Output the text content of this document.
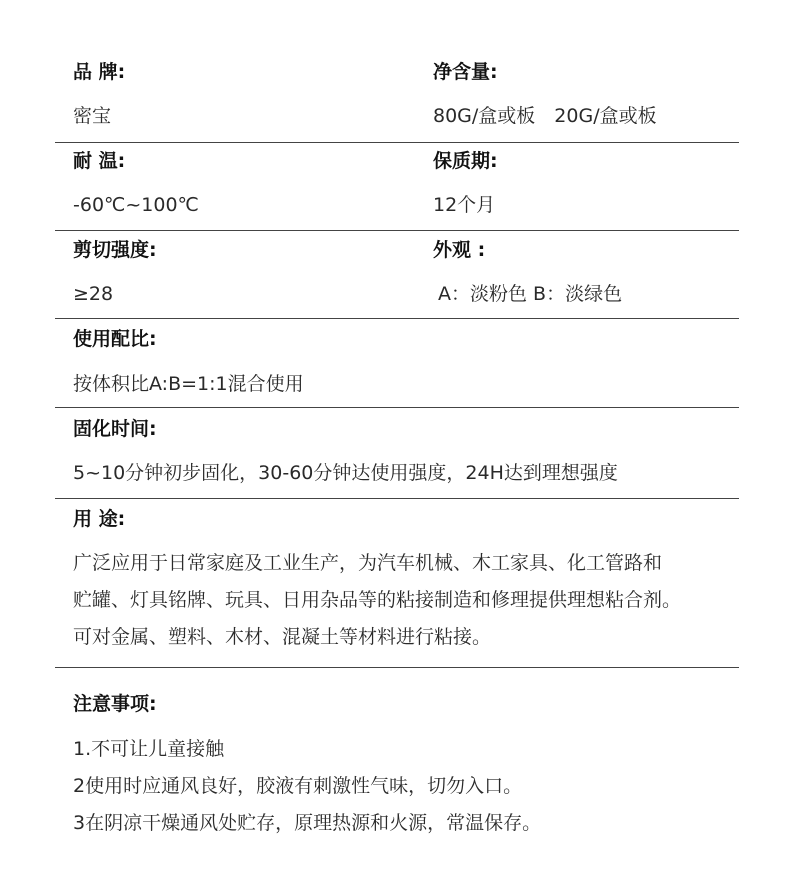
品 牌:
密宝
净含量:
80G/盒或板　20G/盒或板
耐 温:
-60℃~100℃
保质期:
12个月
剪切强度:
≥28
外观 :
A：淡粉色 B：淡绿色
使用配比:
按体积比A:B=1:1混合使用
固化时间:
5~10分钟初步固化，30-60分钟达使用强度，24H达到理想强度
用 途:
广泛应用于日常家庭及工业生产，为汽车机械、木工家具、化工管路和
贮罐、灯具铭牌、玩具、日用杂品等的粘接制造和修理提供理想粘合剂。
可对金属、塑料、木材、混凝土等材料进行粘接。
注意事项:
1.不可让儿童接触
2使用时应通风良好，胶液有刺激性气味，切勿入口。
3在阴凉干燥通风处贮存，原理热源和火源，常温保存。
